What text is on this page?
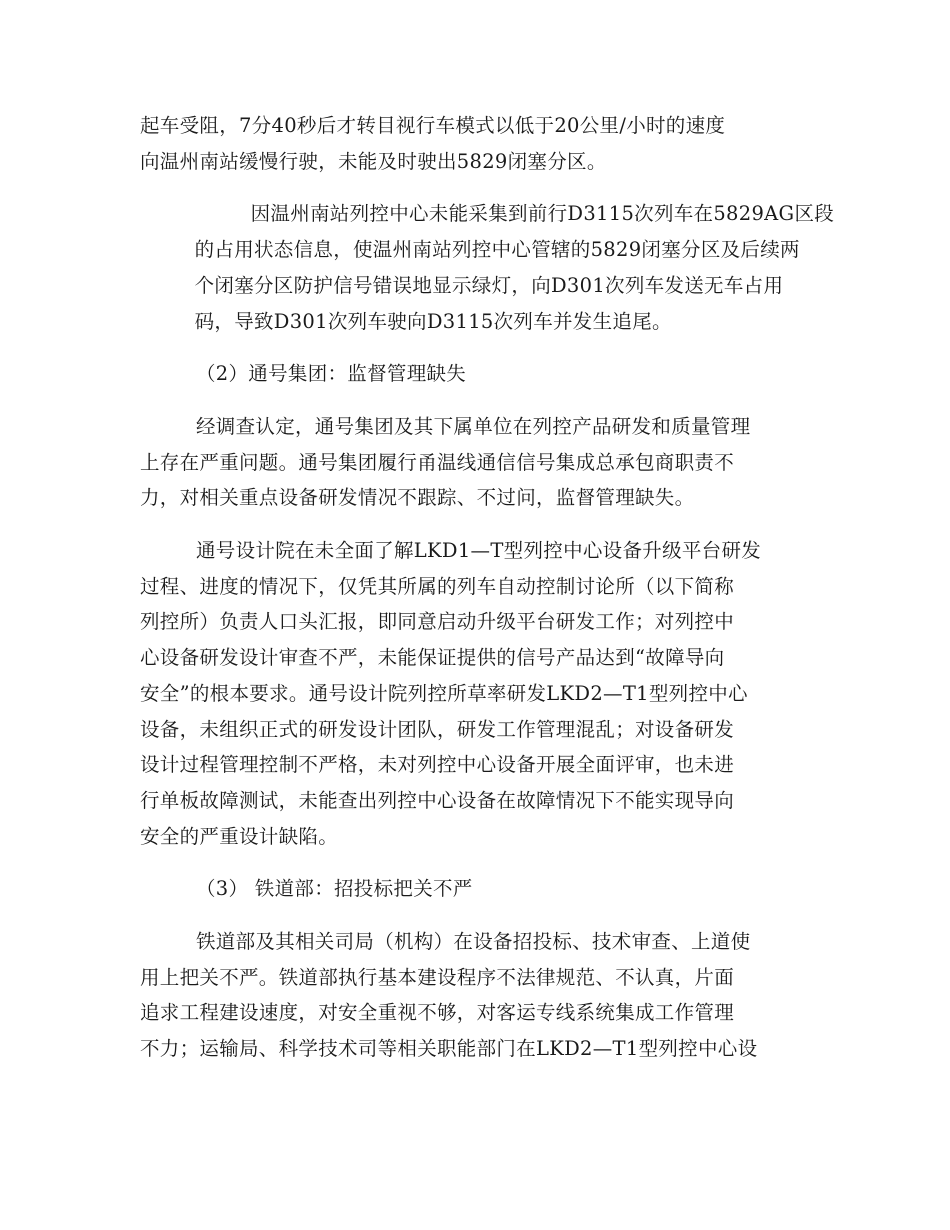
起车受阻，7分40秒后才转目视行车模式以低于20公里/小时的速度
向温州南站缓慢行驶，未能及时驶出5829闭塞分区。
因温州南站列控中心未能采集到前行D3115次列车在5829AG区段
的占用状态信息，使温州南站列控中心管辖的5829闭塞分区及后续两
个闭塞分区防护信号错误地显示绿灯，向D301次列车发送无车占用
码，导致D301次列车驶向D3115次列车并发生追尾。
（2）通号集团：监督管理缺失
经调查认定，通号集团及其下属单位在列控产品研发和质量管理
上存在严重问题。通号集团履行甬温线通信信号集成总承包商职责不
力，对相关重点设备研发情况不跟踪、不过问，监督管理缺失。
通号设计院在未全面了解LKD1—T型列控中心设备升级平台研发
过程、进度的情况下，仅凭其所属的列车自动控制讨论所（以下简称
列控所）负责人口头汇报，即同意启动升级平台研发工作；对列控中
心设备研发设计审查不严，未能保证提供的信号产品达到“故障导向
安全”的根本要求。通号设计院列控所草率研发LKD2—T1型列控中心
设备，未组织正式的研发设计团队，研发工作管理混乱；对设备研发
设计过程管理控制不严格，未对列控中心设备开展全面评审，也未进
行单板故障测试，未能查出列控中心设备在故障情况下不能实现导向
安全的严重设计缺陷。
（3） 铁道部：招投标把关不严
铁道部及其相关司局（机构）在设备招投标、技术审查、上道使
用上把关不严。铁道部执行基本建设程序不法律规范、不认真，片面
追求工程建设速度，对安全重视不够，对客运专线系统集成工作管理
不力；运输局、科学技术司等相关职能部门在LKD2—T1型列控中心设
